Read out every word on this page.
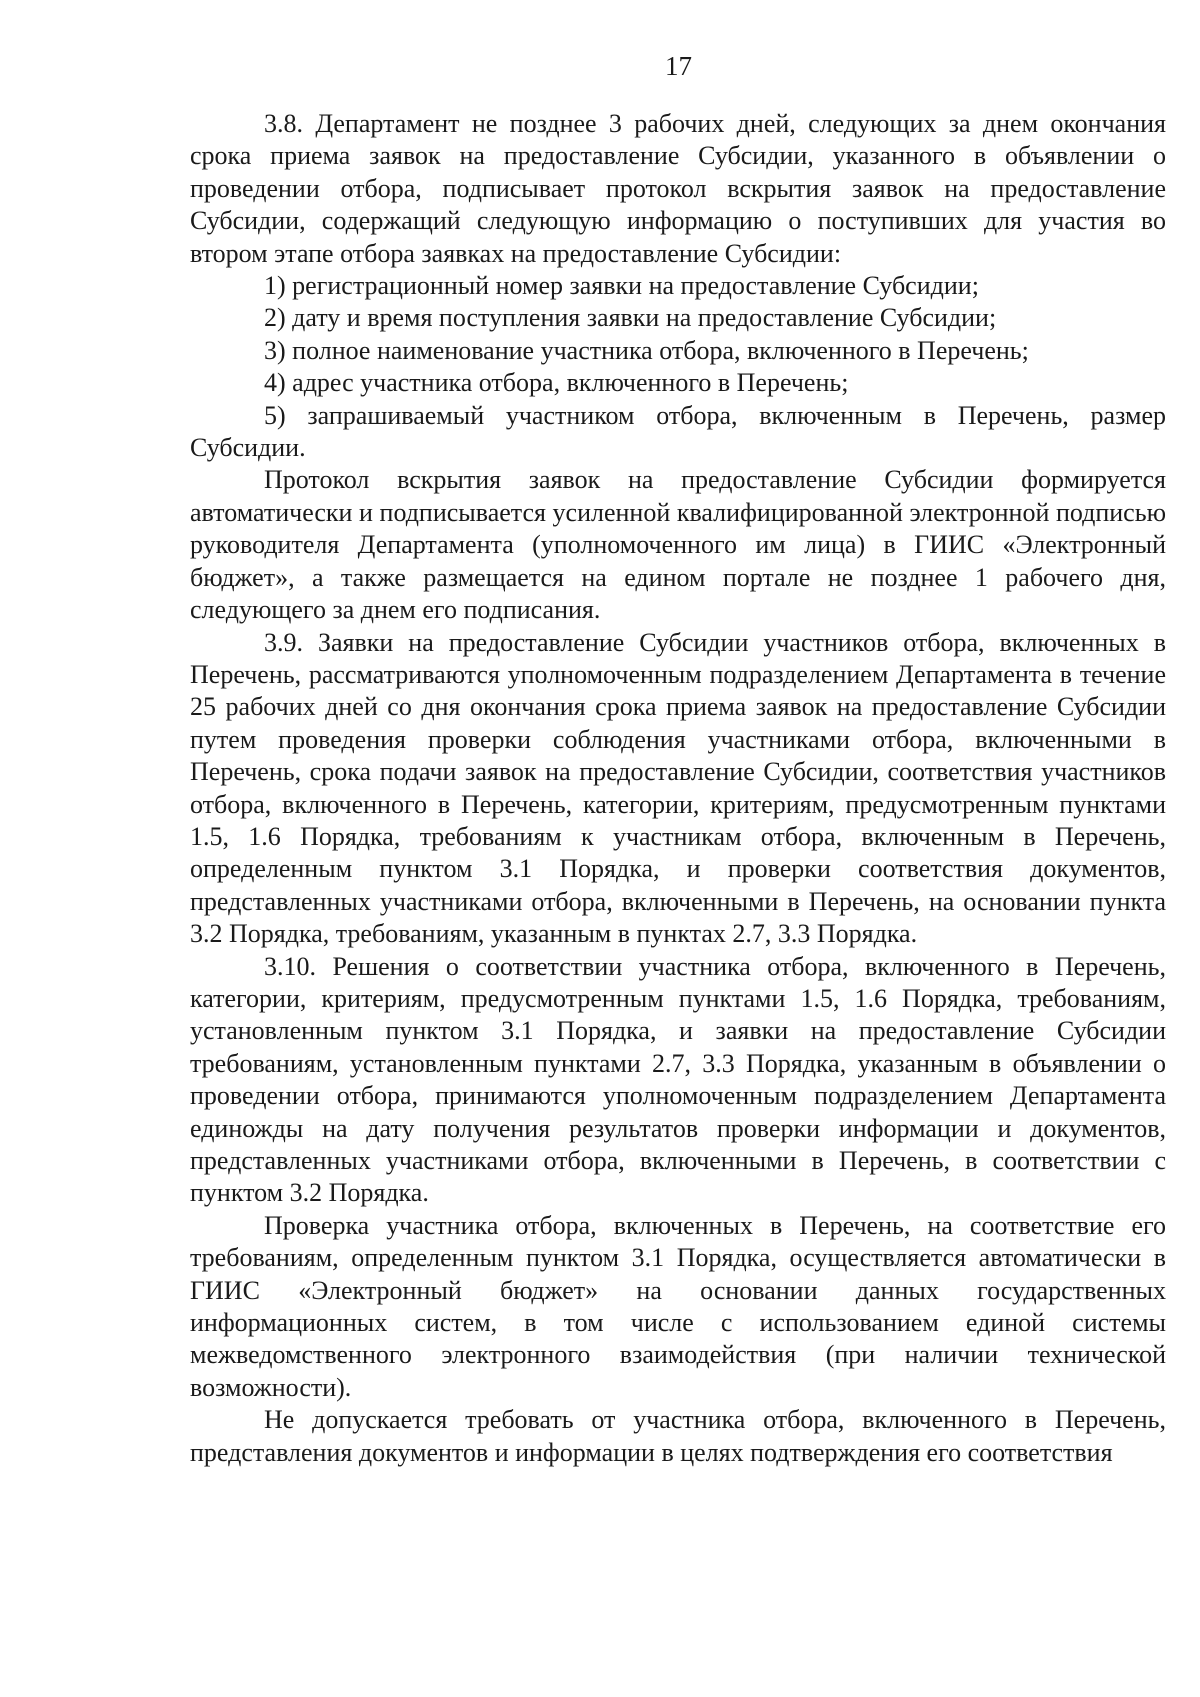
17

3.8. Департамент не позднее 3 рабочих дней, следующих за днем окончания срока приема заявок на предоставление Субсидии, указанного в объявлении о проведении отбора, подписывает протокол вскрытия заявок на предоставление Субсидии, содержащий следующую информацию о поступивших для участия во втором этапе отбора заявках на предоставление Субсидии:

1) регистрационный номер заявки на предоставление Субсидии;

2) дату и время поступления заявки на предоставление Субсидии;

3) полное наименование участника отбора, включенного в Перечень;

4) адрес участника отбора, включенного в Перечень;

5) запрашиваемый участником отбора, включенным в Перечень, размер Субсидии.

Протокол вскрытия заявок на предоставление Субсидии формируется автоматически и подписывается усиленной квалифицированной электронной подписью руководителя Департамента (уполномоченного им лица) в ГИИС «Электронный бюджет», а также размещается на едином портале не позднее 1 рабочего дня, следующего за днем его подписания.

3.9. Заявки на предоставление Субсидии участников отбора, включенных в Перечень, рассматриваются уполномоченным подразделением Департамента в течение 25 рабочих дней со дня окончания срока приема заявок на предоставление Субсидии путем проведения проверки соблюдения участниками отбора, включенными в Перечень, срока подачи заявок на предоставление Субсидии, соответствия участников отбора, включенного в Перечень, категории, критериям, предусмотренным пунктами 1.5, 1.6 Порядка, требованиям к участникам отбора, включенным в Перечень, определенным пунктом 3.1 Порядка, и проверки соответствия документов, представленных участниками отбора, включенными в Перечень, на основании пункта 3.2 Порядка, требованиям, указанным в пунктах 2.7, 3.3 Порядка.

3.10. Решения о соответствии участника отбора, включенного в Перечень, категории, критериям, предусмотренным пунктами 1.5, 1.6 Порядка, требованиям, установленным пунктом 3.1 Порядка, и заявки на предоставление Субсидии требованиям, установленным пунктами 2.7, 3.3 Порядка, указанным в объявлении о проведении отбора, принимаются уполномоченным подразделением Департамента единожды на дату получения результатов проверки информации и документов, представленных участниками отбора, включенными в Перечень, в соответствии с пунктом 3.2 Порядка.

Проверка участника отбора, включенных в Перечень, на соответствие его требованиям, определенным пунктом 3.1 Порядка, осуществляется автоматически в ГИИС «Электронный бюджет» на основании данных государственных информационных систем, в том числе с использованием единой системы межведомственного электронного взаимодействия (при наличии технической возможности).

Не допускается требовать от участника отбора, включенного в Перечень, представления документов и информации в целях подтверждения его соответствия
